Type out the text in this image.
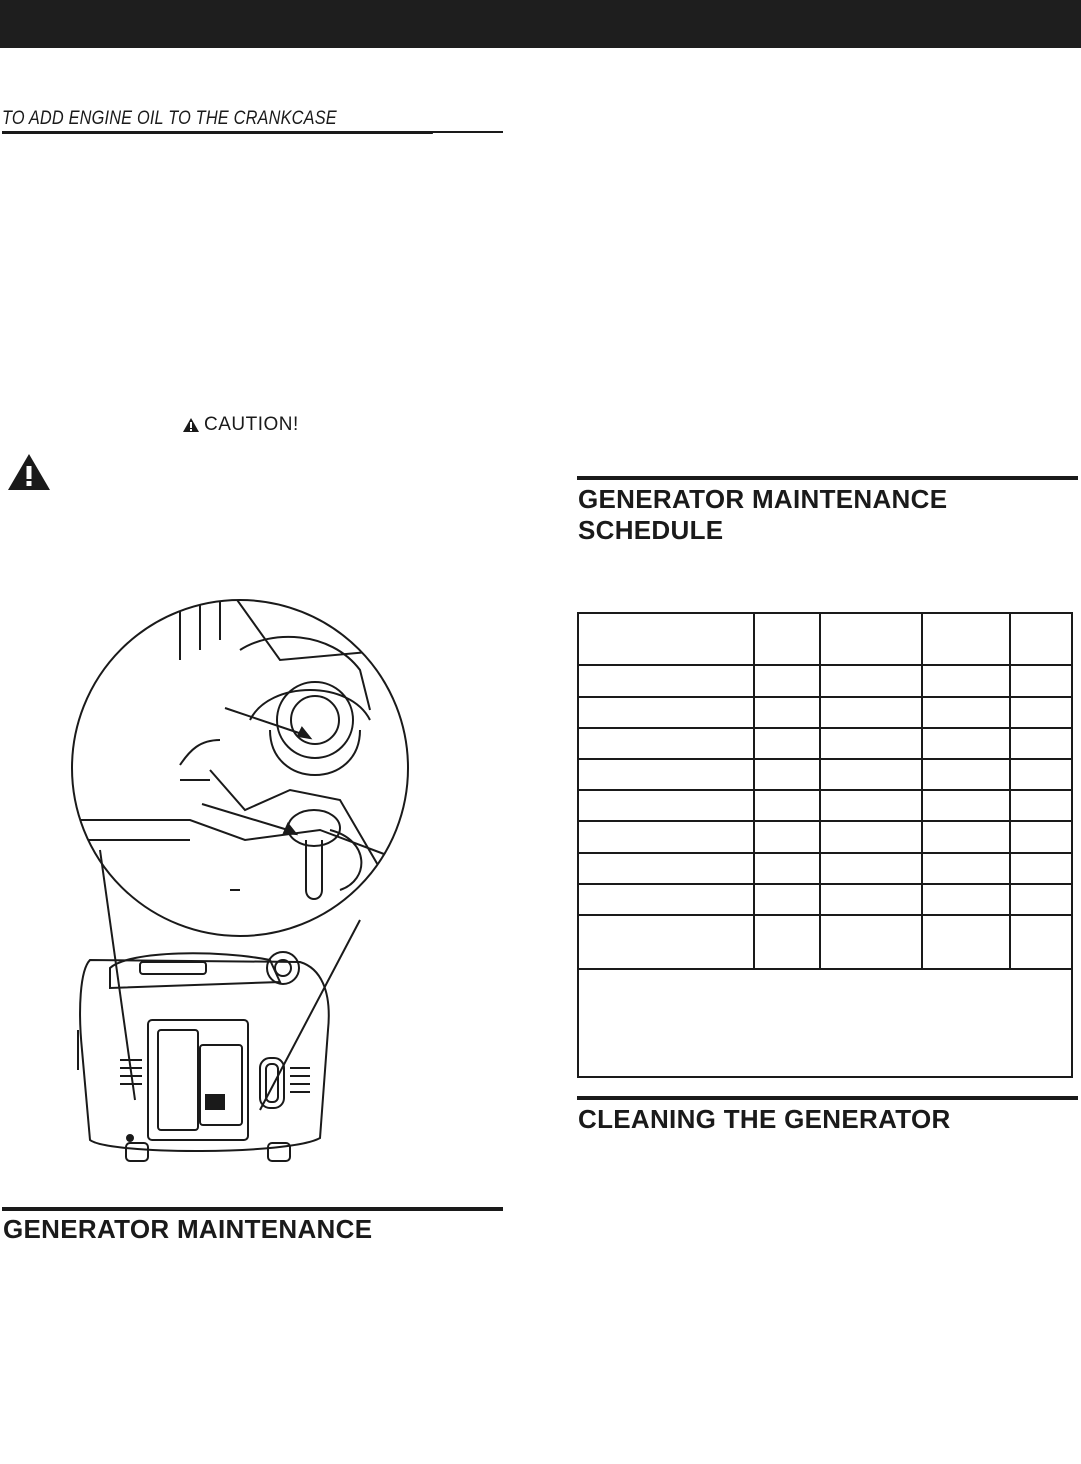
TO ADD ENGINE OIL TO THE CRANKCASE
CAUTION!
GENERATOR MAINTENANCE
GENERATOR MAINTENANCE
SCHEDULE
CLEANING THE GENERATOR
